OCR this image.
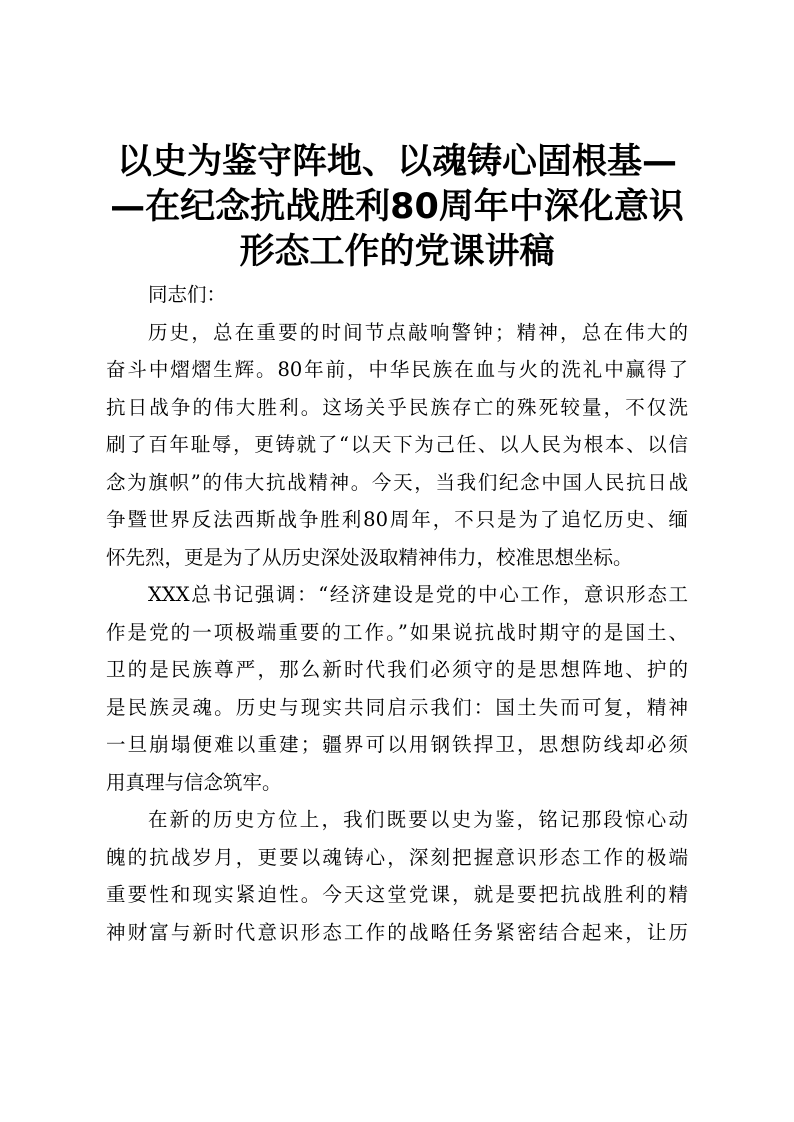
以史为鉴守阵地、以魂铸心固根基—
—在纪念抗战胜利80周年中深化意识
形态工作的党课讲稿
同志们：
历史，总在重要的时间节点敲响警钟；精神，总在伟大的
奋斗中熠熠生辉。80年前，中华民族在血与火的洗礼中赢得了
抗日战争的伟大胜利。这场关乎民族存亡的殊死较量，不仅洗
刷了百年耻辱，更铸就了“以天下为己任、以人民为根本、以信
念为旗帜”的伟大抗战精神。今天，当我们纪念中国人民抗日战
争暨世界反法西斯战争胜利80周年，不只是为了追忆历史、缅
怀先烈，更是为了从历史深处汲取精神伟力，校准思想坐标。
XXX总书记强调：“经济建设是党的中心工作，意识形态工
作是党的一项极端重要的工作。”如果说抗战时期守的是国土、
卫的是民族尊严，那么新时代我们必须守的是思想阵地、护的
是民族灵魂。历史与现实共同启示我们：国土失而可复，精神
一旦崩塌便难以重建；疆界可以用钢铁捍卫，思想防线却必须
用真理与信念筑牢。
在新的历史方位上，我们既要以史为鉴，铭记那段惊心动
魄的抗战岁月，更要以魂铸心，深刻把握意识形态工作的极端
重要性和现实紧迫性。今天这堂党课，就是要把抗战胜利的精
神财富与新时代意识形态工作的战略任务紧密结合起来，让历
